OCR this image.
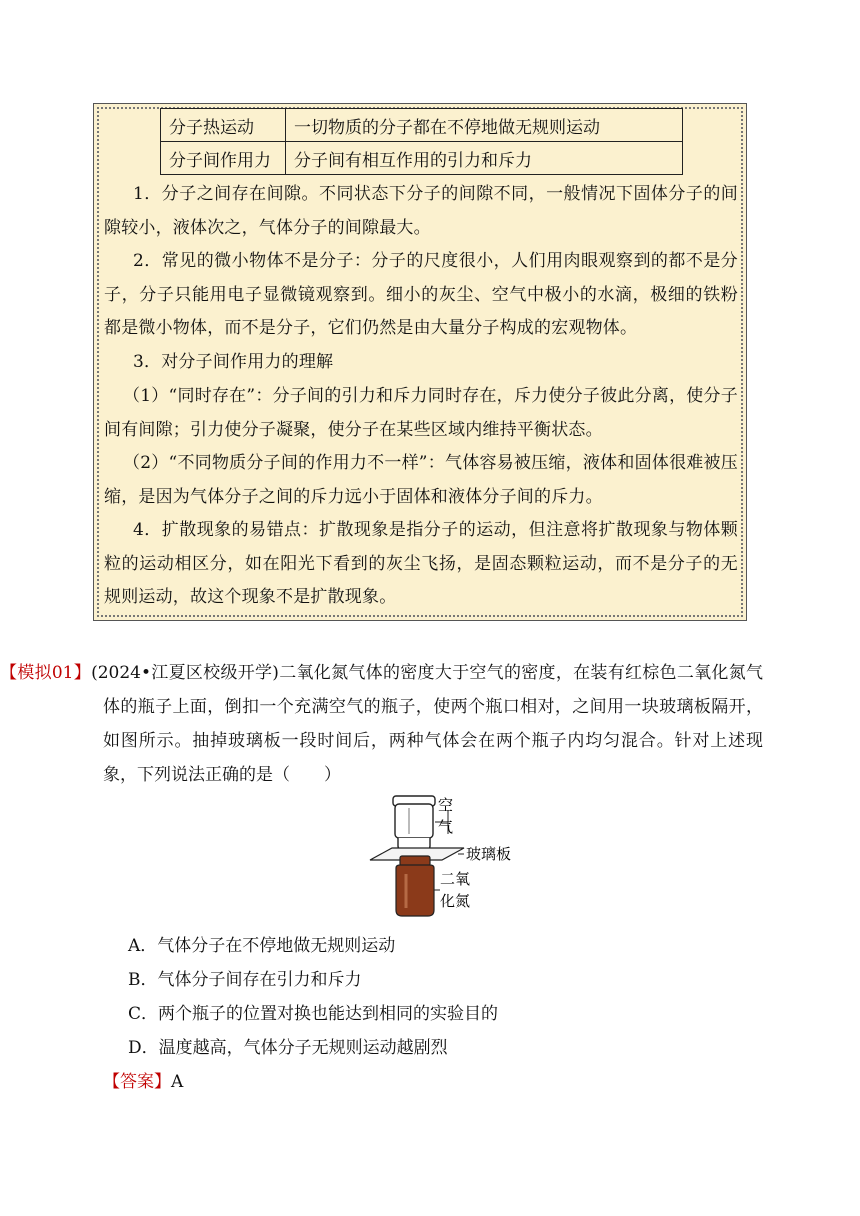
分子热运动	一切物质的分子都在不停地做无规则运动
分子间作用力	分子间有相互作用的引力和斥力
1．分子之间存在间隙。不同状态下分子的间隙不同，一般情况下固体分子的间隙较小，液体次之，气体分子的间隙最大。
2．常见的微小物体不是分子：分子的尺度很小，人们用肉眼观察到的都不是分子，分子只能用电子显微镜观察到。细小的灰尘、空气中极小的水滴，极细的铁粉都是微小物体，而不是分子，它们仍然是由大量分子构成的宏观物体。
3．对分子间作用力的理解
（1）“同时存在”：分子间的引力和斥力同时存在，斥力使分子彼此分离，使分子间有间隙；引力使分子凝聚，使分子在某些区域内维持平衡状态。
（2）“不同物质分子间的作用力不一样”：气体容易被压缩，液体和固体很难被压缩，是因为气体分子之间的斥力远小于固体和液体分子间的斥力。
4．扩散现象的易错点：扩散现象是指分子的运动，但注意将扩散现象与物体颗粒的运动相区分，如在阳光下看到的灰尘飞扬，是固态颗粒运动，而不是分子的无规则运动，故这个现象不是扩散现象。
【模拟01】(2024•江夏区校级开学)二氧化氮气体的密度大于空气的密度，在装有红棕色二氧化氮气体的瓶子上面，倒扣一个充满空气的瓶子，使两个瓶口相对，之间用一块玻璃板隔开，如图所示。抽掉玻璃板一段时间后，两种气体会在两个瓶子内均匀混合。针对上述现象，下列说法正确的是（　　）
空
气
玻璃板
二氧
化氮
A．气体分子在不停地做无规则运动
B．气体分子间存在引力和斥力
C．两个瓶子的位置对换也能达到相同的实验目的
D．温度越高，气体分子无规则运动越剧烈
【答案】A
